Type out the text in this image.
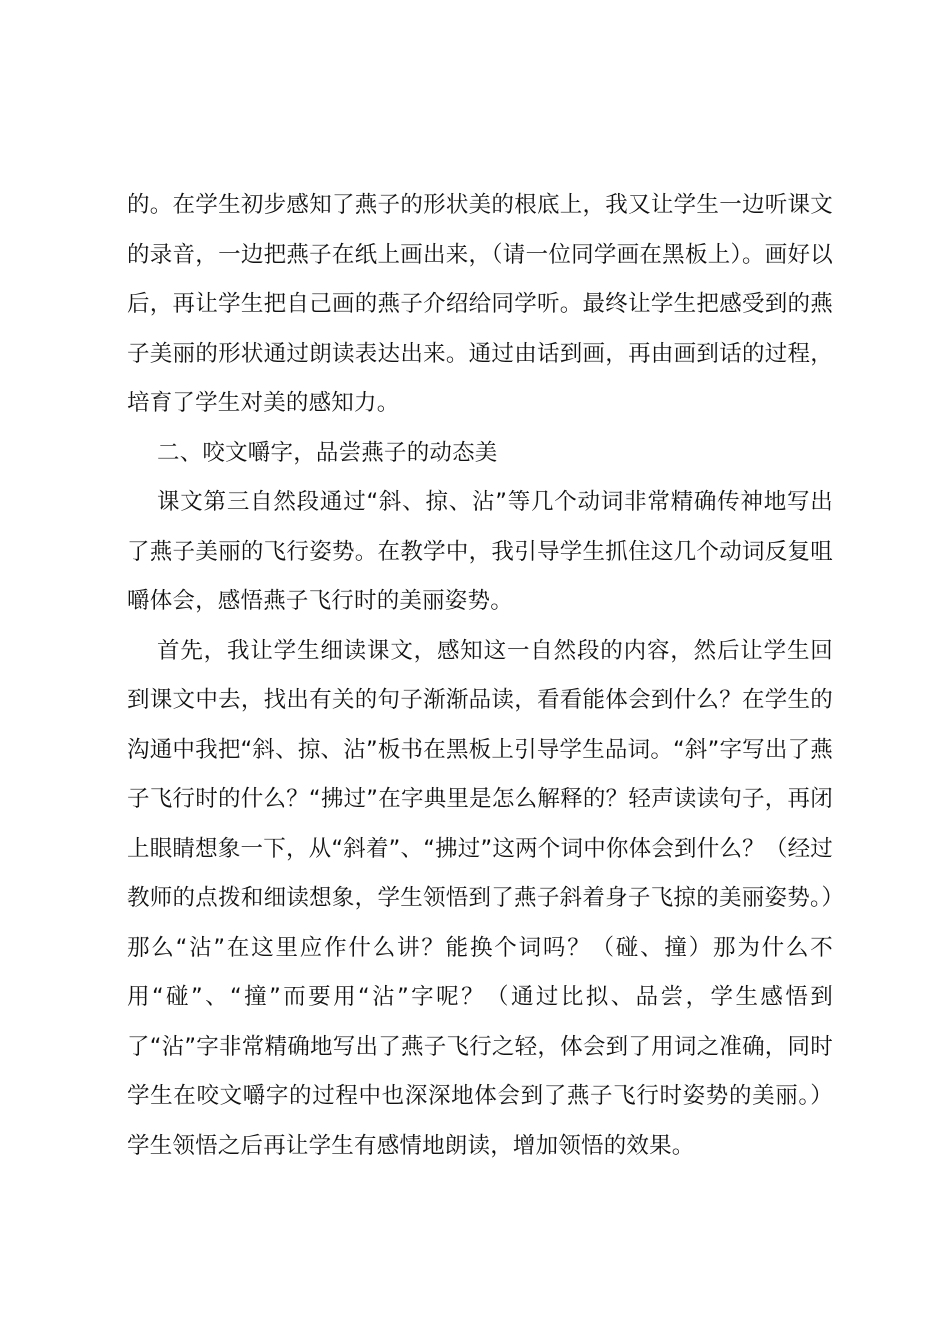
的。在学生初步感知了燕子的形状美的根底上，我又让学生一边听课文的录音，一边把燕子在纸上画出来，（请一位同学画在黑板上）。画好以后，再让学生把自己画的燕子介绍给同学听。最终让学生把感受到的燕子美丽的形状通过朗读表达出来。通过由话到画，再由画到话的过程，培育了学生对美的感知力。

二、咬文嚼字，品尝燕子的动态美

课文第三自然段通过“斜、掠、沾”等几个动词非常精确传神地写出了燕子美丽的飞行姿势。在教学中，我引导学生抓住这几个动词反复咀嚼体会，感悟燕子飞行时的美丽姿势。

首先，我让学生细读课文，感知这一自然段的内容，然后让学生回到课文中去，找出有关的句子渐渐品读，看看能体会到什么？在学生的沟通中我把“斜、掠、沾”板书在黑板上引导学生品词。“斜”字写出了燕子飞行时的什么？“拂过”在字典里是怎么解释的？轻声读读句子，再闭上眼睛想象一下，从“斜着”、“拂过”这两个词中你体会到什么？（经过教师的点拨和细读想象，学生领悟到了燕子斜着身子飞掠的美丽姿势。）那么“沾”在这里应作什么讲？能换个词吗？（碰、撞）那为什么不用“碰”、“撞”而要用“沾”字呢？（通过比拟、品尝，学生感悟到了“沾”字非常精确地写出了燕子飞行之轻，体会到了用词之准确，同时学生在咬文嚼字的过程中也深深地体会到了燕子飞行时姿势的美丽。）学生领悟之后再让学生有感情地朗读，增加领悟的效果。
